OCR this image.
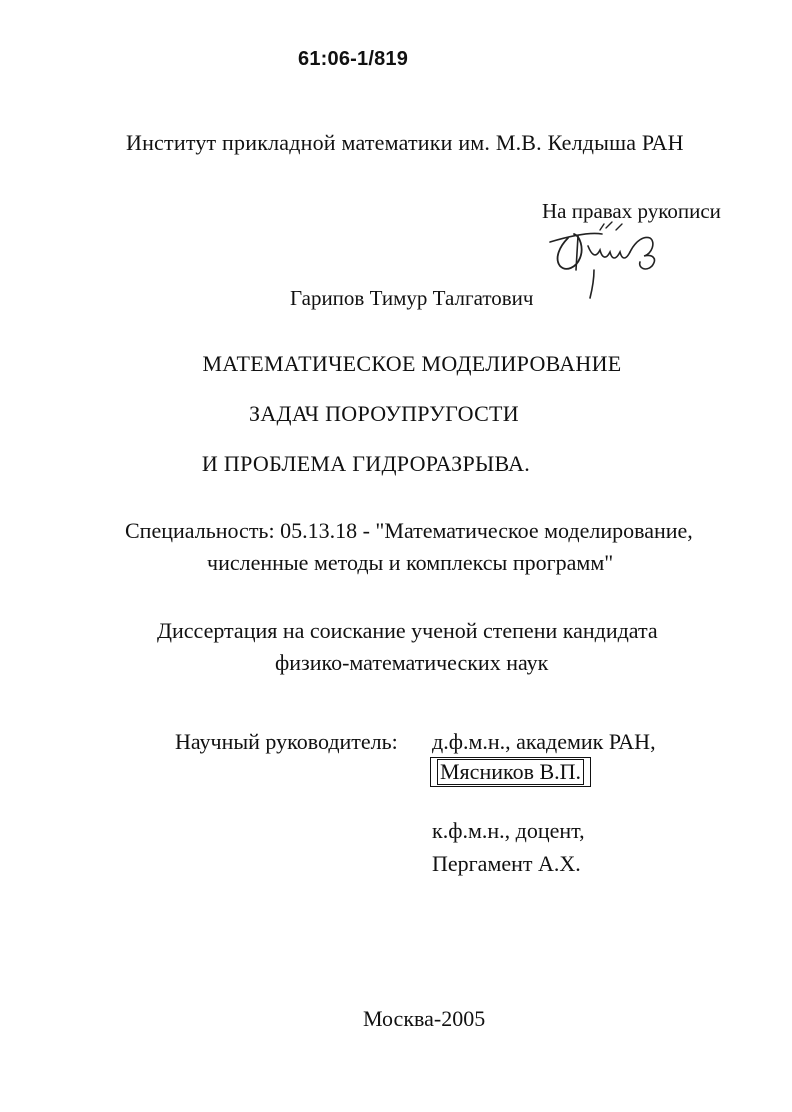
61:06-1/819
Институт прикладной математики им. М.В. Келдыша РАН
На правах рукописи
Гарипов Тимур Талгатович
МАТЕМАТИЧЕСКОЕ МОДЕЛИРОВАНИЕ
ЗАДАЧ ПОРОУПРУГОСТИ
И ПРОБЛЕМА ГИДРОРАЗРЫВА.
Специальность: 05.13.18 - "Математическое моделирование,
численные методы и комплексы программ"
Диссертация на соискание ученой степени кандидата
физико-математических наук
Научный руководитель: д.ф.м.н., академик РАН,
Мясников В.П.
к.ф.м.н., доцент,
Пергамент А.Х.
Москва-2005
